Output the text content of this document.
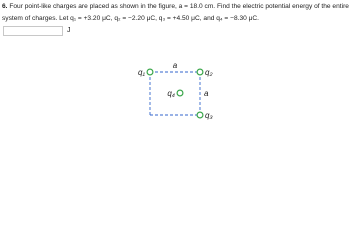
6. Four point-like charges are placed as shown in the figure, a = 18.0 cm. Find the electric potential energy of the entire
system of charges. Let q₁ = +3.20 μC, q₂ = −2.20 μC, q₃ = +4.50 μC, and q₄ = −8.30 μC.
J
a
a
q₁	q₂
q₄
q₃
